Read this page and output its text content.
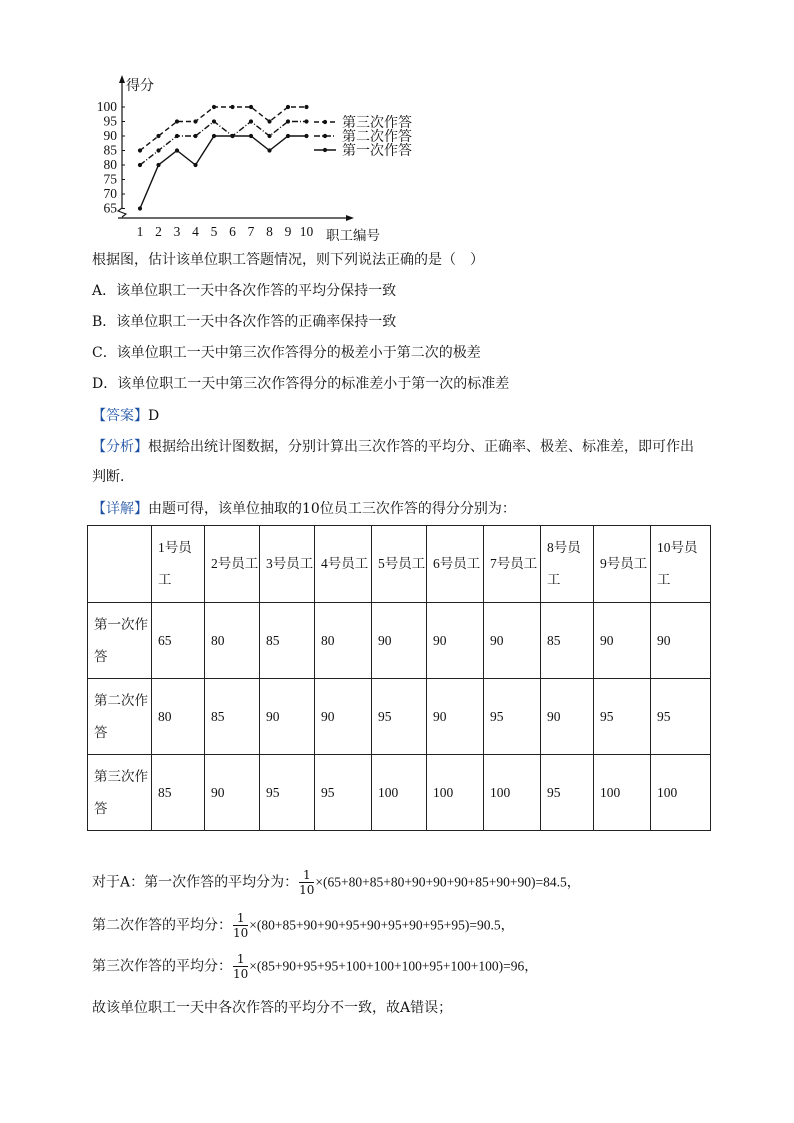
得分
职工编号
65
70
75
80
85
90
95
100
1 2 3 4 5 6 7 8 9 10
第三次作答
第二次作答
第一次作答
根据图，估计该单位职工答题情况，则下列说法正确的是（　）
A．该单位职工一天中各次作答的平均分保持一致
B．该单位职工一天中各次作答的正确率保持一致
C．该单位职工一天中第三次作答得分的极差小于第二次的极差
D．该单位职工一天中第三次作答得分的标准差小于第一次的标准差
【答案】D
【分析】根据给出统计图数据，分别计算出三次作答的平均分、正确率、极差、标准差，即可作出判断．
【详解】由题可得，该单位抽取的10位员工三次作答的得分分别为：
	1号员工	2号员工	3号员工	4号员工	5号员工	6号员工	7号员工	8号员工	9号员工	10号员工
第一次作答	65	80	85	80	90	90	90	85	90	90
第二次作答	80	85	90	90	95	90	95	90	95	95
第三次作答	85	90	95	95	100	100	100	95	100	100
对于A：第一次作答的平均分为： $\frac{1}{10} \times(65+80+85+80+90+90+90+85+90+90)=84.5$，
第二次作答的平均分： $\frac{1}{10} \times(80+85+90+90+95+90+95+90+95+95)=90.5$，
第三次作答的平均分： $\frac{1}{10} \times(85+90+95+95+100+100+100+95+100+100)=96$，
故该单位职工一天中各次作答的平均分不一致，故A错误；
